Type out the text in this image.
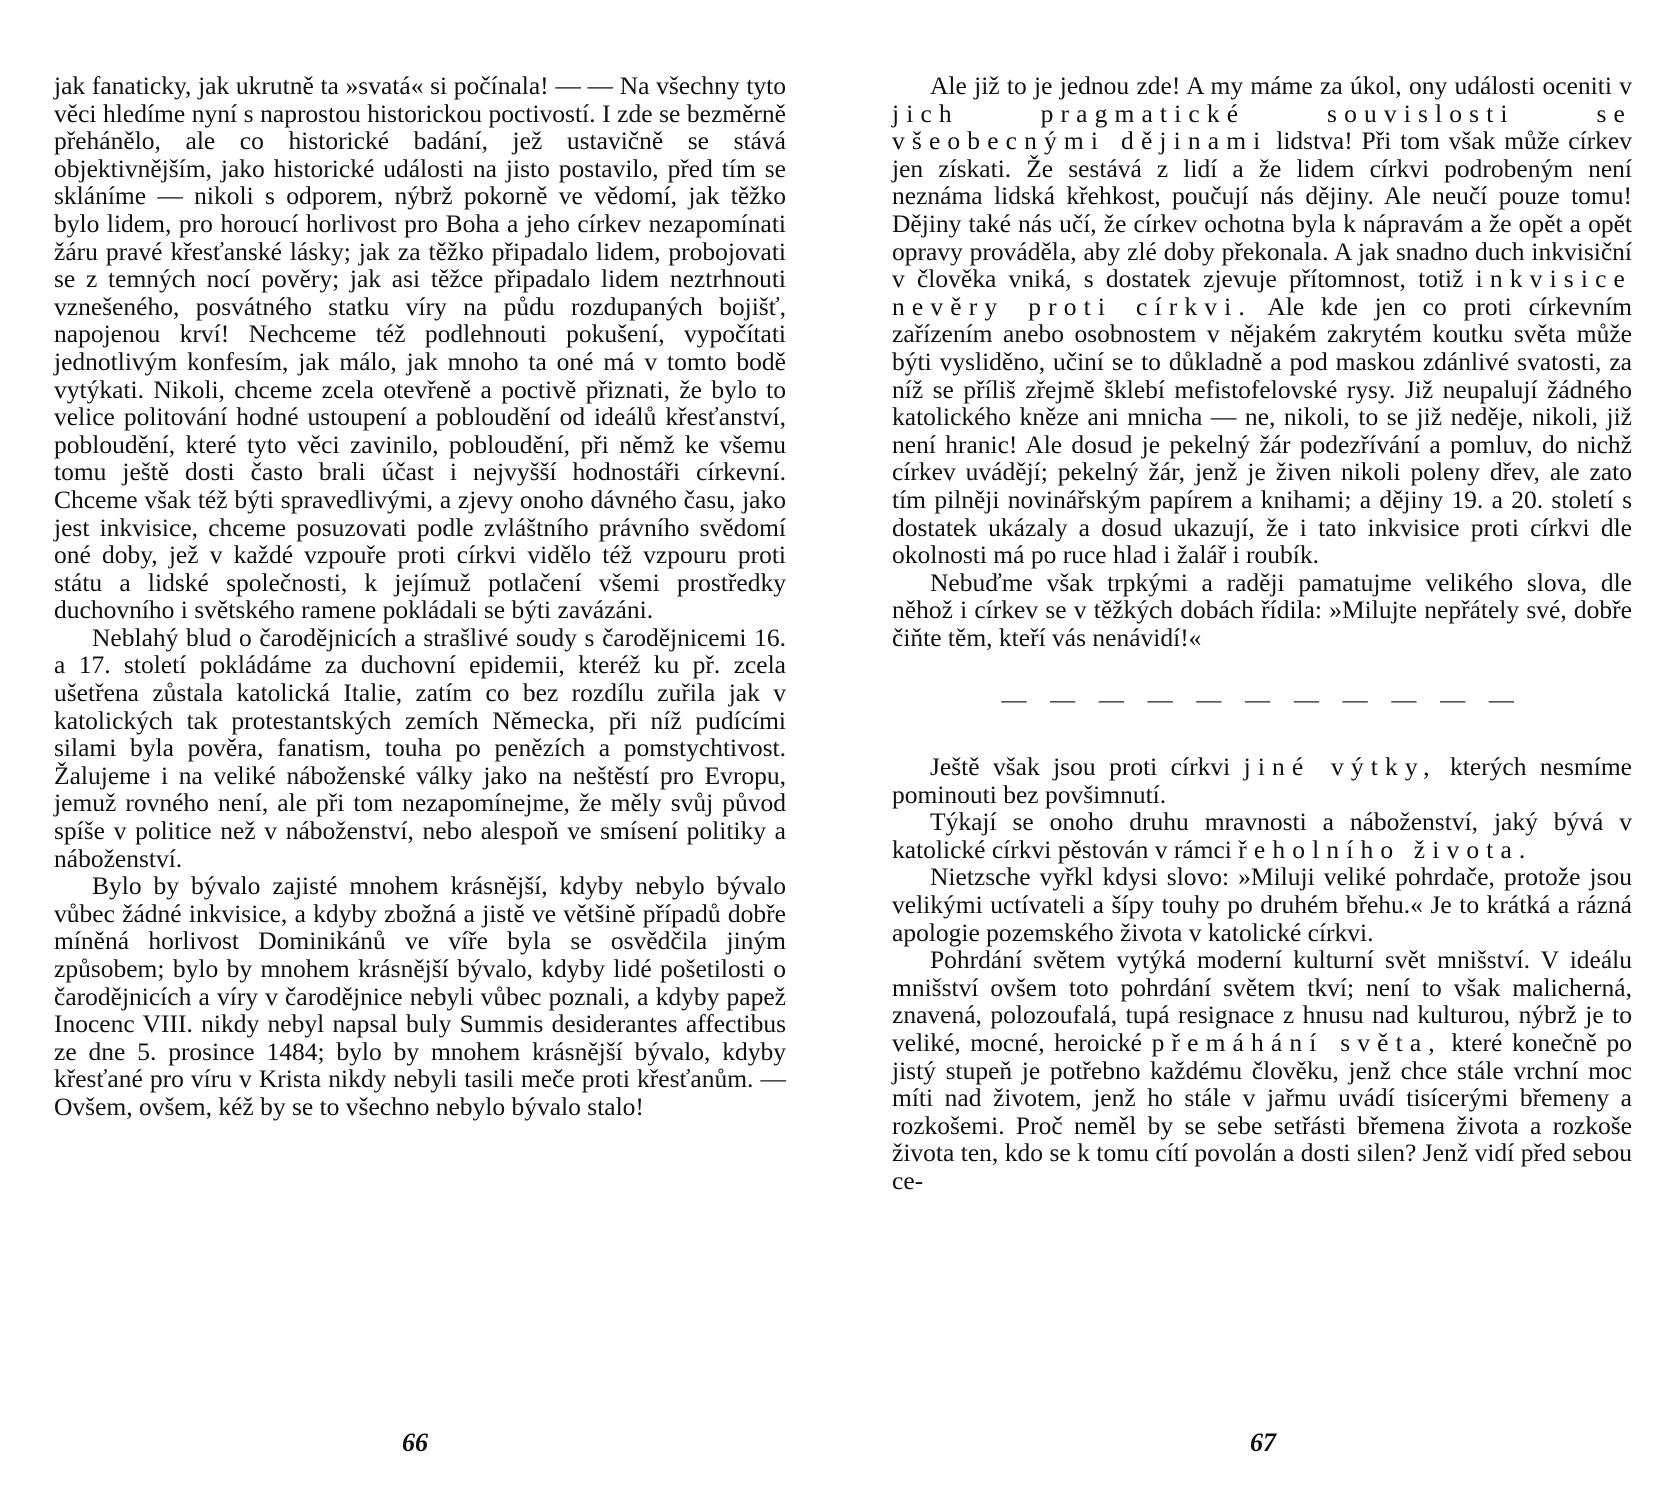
jak fanaticky, jak ukrutně ta »svatá« si počínala! — — Na všechny tyto věci hledíme nyní s naprostou historickou poctivostí. I zde se bezměrně přehánělo, ale co historické badání, jež ustavičně se stává objektivnějším, jako historické události na jisto postavilo, před tím se skláníme — nikoli s odporem, nýbrž pokorně ve vědomí, jak těžko bylo lidem, pro horoucí horlivost pro Boha a jeho církev nezapomínati žáru pravé křesťanské lásky; jak za těžko připadalo lidem, probojovati se z temných nocí pověry; jak asi těžce připadalo lidem neztrhnouti vznešeného, posvátného statku víry na půdu rozdupaných bojišť, napojenou krví! Nechceme též podlehnouti pokušení, vypočítati jednotlivým konfesím, jak málo, jak mnoho ta oné má v tomto bodě vytýkati. Nikoli, chceme zcela otevřeně a poctivě přiznati, že bylo to velice politování hodné ustoupení a pobloudění od ideálů křesťanství, pobloudění, které tyto věci zavinilo, pobloudění, při němž ke všemu tomu ještě dosti často brali účast i nejvyšší hodnostáři církevní. Chceme však též býti spravedlivými, a zjevy onoho dávného času, jako jest inkvisice, chceme posuzovati podle zvláštního právního svědomí oné doby, jež v každé vzpouře proti církvi vidělo též vzpouru proti státu a lidské společnosti, k jejímuž potlačení všemi prostředky duchovního i světského ramene pokládali se býti zavázáni.

Neblahý blud o čarodějnicích a strašlivé soudy s čarodějnicemi 16. a 17. století pokládáme za duchovní epidemii, kteréž ku př. zcela ušetřena zůstala katolická Italie, zatím co bez rozdílu zuřila jak v katolických tak protestantských zemích Německa, při níž pudícími silami byla pověra, fanatism, touha po penězích a pomstychtivost. Žalujeme i na veliké náboženské války jako na neštěstí pro Evropu, jemuž rovného není, ale při tom nezapomínejme, že měly svůj původ spíše v politice než v náboženství, nebo alespoň ve smísení politiky a náboženství.

Bylo by bývalo zajisté mnohem krásnější, kdyby nebylo bývalo vůbec žádné inkvisice, a kdyby zbožná a jistě ve většině případů dobře míněná horlivost Dominikánů ve víře byla se osvědčila jiným způsobem; bylo by mnohem krásnější bývalo, kdyby lidé pošetilosti o čarodějnicích a víry v čarodějnice nebyli vůbec poznali, a kdyby papež Inocenc VIII. nikdy nebyl napsal buly Summis desiderantes affectibus ze dne 5. prosince 1484; bylo by mnohem krásnější bývalo, kdyby křesťané pro víru v Krista nikdy nebyli tasili meče proti křesťanům. — Ovšem, ovšem, kéž by se to všechno nebylo bývalo stalo!

66

Ale již to je jednou zde! A my máme za úkol, ony události oceniti v jich pragmatické souvislosti se všeobecnými dějinami lidstva! Při tom však může církev jen získati. Že sestává z lidí a že lidem církvi podrobeným není neznáma lidská křehkost, poučují nás dějiny. Ale neučí pouze tomu! Dějiny také nás učí, že církev ochotna byla k nápravám a že opět a opět opravy prováděla, aby zlé doby překonala. A jak snadno duch inkvisiční v člověka vniká, s dostatek zjevuje přítomnost, totiž inkvisice nevěry proti církvi. Ale kde jen co proti církevním zařízením anebo osobnostem v nějakém zakrytém koutku světa může býti vysliděno, učiní se to důkladně a pod maskou zdánlivé svatosti, za níž se příliš zřejmě šklebí mefistofelovské rysy. Již neupalují žádného katolického kněze ani mnicha — ne, nikoli, to se již neděje, nikoli, již není hranic! Ale dosud je pekelný žár podezřívání a pomluv, do nichž církev uvádějí; pekelný žár, jenž je živen nikoli poleny dřev, ale zato tím pilněji novinářským papírem a knihami; a dějiny 19. a 20. století s dostatek ukázaly a dosud ukazují, že i tato inkvisice proti církvi dle okolnosti má po ruce hlad i žalář i roubík.

Nebuďme však trpkými a raději pamatujme velikého slova, dle něhož i církev se v těžkých dobách řídila: »Milujte nepřátely své, dobře čiňte těm, kteří vás nenávidí!«

— — — — — — — — — — —

Ještě však jsou proti církvi jiné výtky, kterých nesmíme pominouti bez povšimnutí.

Týkají se onoho druhu mravnosti a náboženství, jaký bývá v katolické církvi pěstován v rámci řeholního života.

Nietzsche vyřkl kdysi slovo: »Miluji veliké pohrdače, protože jsou velikými uctívateli a šípy touhy po druhém břehu.« Je to krátká a rázná apologie pozemského života v katolické církvi.

Pohrdání světem vytýká moderní kulturní svět mnišství. V ideálu mnišství ovšem toto pohrdání světem tkví; není to však malicherná, znavená, polozoufalá, tupá resignace z hnusu nad kulturou, nýbrž je to veliké, mocné, heroické přemáhání světa, které konečně po jistý stupeň je potřebno každému člověku, jenž chce stále vrchní moc míti nad životem, jenž ho stále v jařmu uvádí tisícerými břemeny a rozkošemi. Proč neměl by se sebe setřásti břemena života a rozkoše života ten, kdo se k tomu cítí povolán a dosti silen? Jenž vidí před sebou ce-

67
